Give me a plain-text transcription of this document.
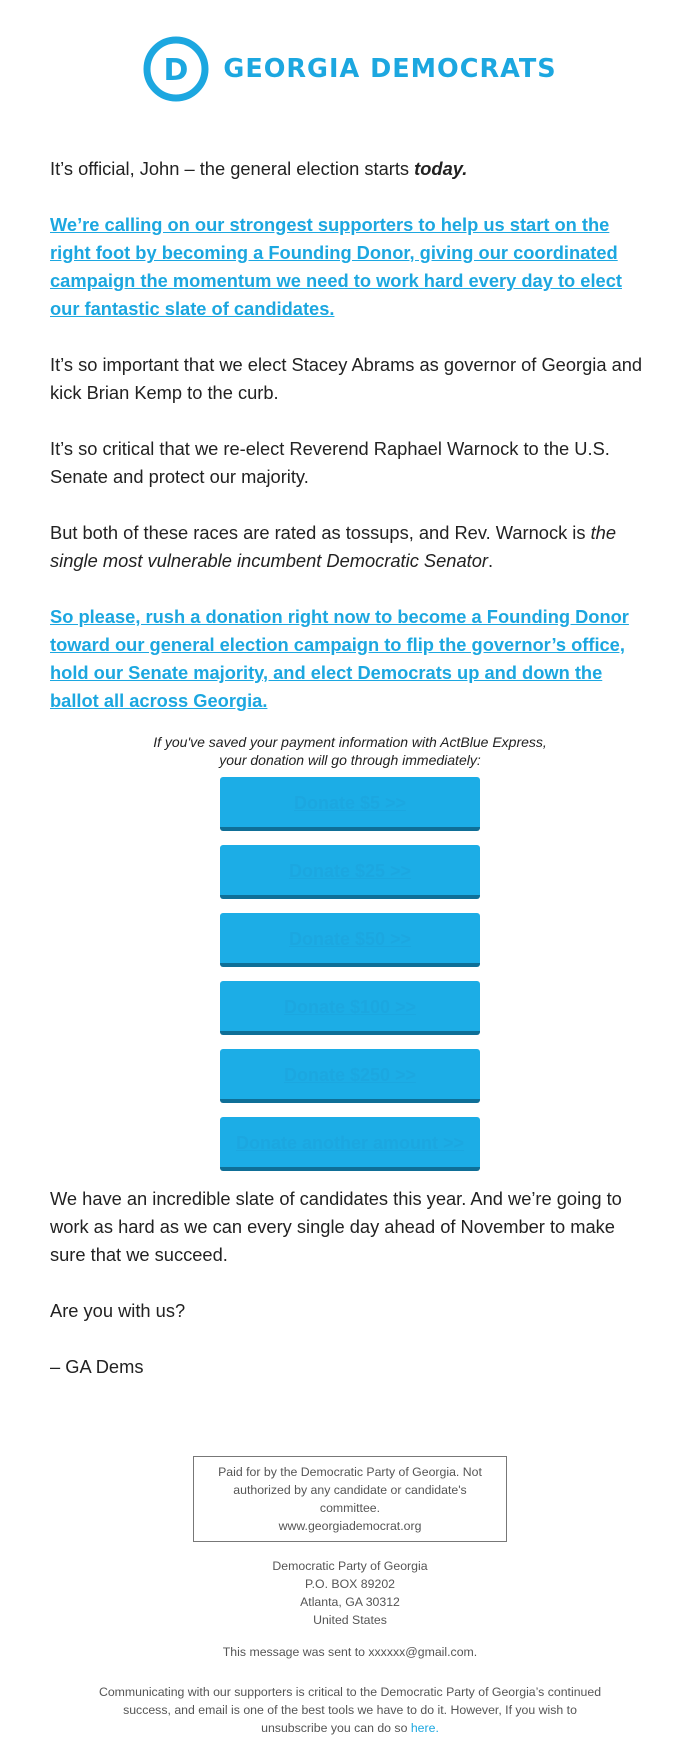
D GEORGIA DEMOCRATS

It’s official, John – the general election starts today.

We’re calling on our strongest supporters to help us start on the right foot by becoming a Founding Donor, giving our coordinated campaign the momentum we need to work hard every day to elect our fantastic slate of candidates.

It’s so important that we elect Stacey Abrams as governor of Georgia and kick Brian Kemp to the curb.

It’s so critical that we re-elect Reverend Raphael Warnock to the U.S. Senate and protect our majority.

But both of these races are rated as tossups, and Rev. Warnock is the single most vulnerable incumbent Democratic Senator.

So please, rush a donation right now to become a Founding Donor toward our general election campaign to flip the governor’s office, hold our Senate majority, and elect Democrats up and down the ballot all across Georgia.

If you've saved your payment information with ActBlue Express,
your donation will go through immediately:

Donate $5 >>
Donate $25 >>
Donate $50 >>
Donate $100 >>
Donate $250 >>
Donate another amount >>

We have an incredible slate of candidates this year. And we’re going to work as hard as we can every single day ahead of November to make sure that we succeed.

Are you with us?

– GA Dems

Paid for by the Democratic Party of Georgia. Not
authorized by any candidate or candidate's committee.
www.georgiademocrat.org
Democratic Party of Georgia
P.O. BOX 89202
Atlanta, GA 30312
United States
This message was sent to xxxxxx@gmail.com.
Communicating with our supporters is critical to the Democratic Party of Georgia’s continued success, and email is one of the best tools we have to do it. However, If you wish to unsubscribe you can do so here.
